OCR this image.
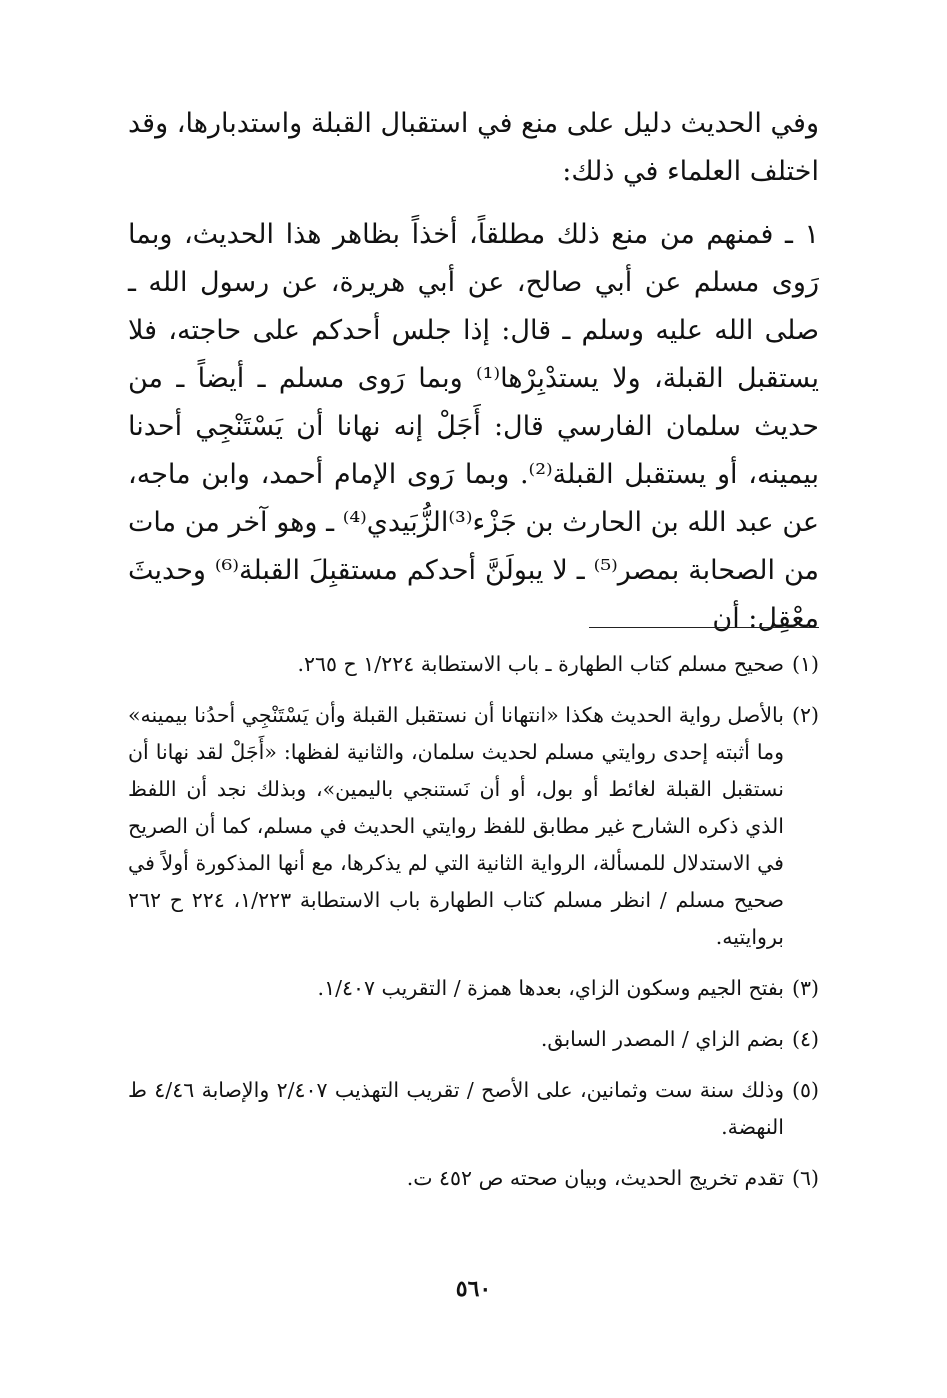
وفي الحديث دليل على منع في استقبال القبلة واستدبارها، وقد اختلف العلماء في ذلك:

١ ـ فمنهم من منع ذلك مطلقاً، أخذاً بظاهر هذا الحديث، وبما رَوى مسلم عن أبي صالح، عن أبي هريرة، عن رسول الله ـ صلى الله عليه وسلم ـ قال: إذا جلس أحدكم على حاجته، فلا يستقبل القبلة، ولا يستدْبِرْها⁽¹⁾ وبما رَوى مسلم ـ أيضاً ـ من حديث سلمان الفارسي قال: أَجَلْ إنه نهانا أن يَسْتَنْجِي أحدنا بيمينه، أو يستقبل القبلة⁽²⁾. وبما رَوى الإمام أحمد، وابن ماجه، عن عبد الله بن الحارث بن جَزْء⁽³⁾الزُّبَيدي⁽⁴⁾ ـ وهو آخر من مات من الصحابة بمصر⁽⁵⁾ ـ لا يبولَنَّ أحدكم مستقبِلَ القبلة⁽⁶⁾ وحديثَ معْقِل: أن

(١)
صحيح مسلم كتاب الطهارة ـ باب الاستطابة ١/٢٢٤ ح ٢٦٥.
(٢)
بالأصل رواية الحديث هكذا «انتهانا أن نستقبل القبلة وأن يَسْتَنْجِي أحدُنا بيمينه» وما أثبته إحدى روايتي مسلم لحديث سلمان، والثانية لفظها: «أَجَلْ لقد نهانا أن نستقبل القبلة لغائط أو بول، أو أن نَستنجي باليمين»، وبذلك نجد أن اللفظ الذي ذكره الشارح غير مطابق للفظ روايتي الحديث في مسلم، كما أن الصريح في الاستدلال للمسألة، الرواية الثانية التي لم يذكرها، مع أنها المذكورة أولاً في صحيح مسلم / انظر مسلم كتاب الطهارة باب الاستطابة ١/٢٢٣، ٢٢٤ ح ٢٦٢ بروايتيه.
(٣)
بفتح الجيم وسكون الزاي، بعدها همزة / التقريب ١/٤٠٧.
(٤)
بضم الزاي / المصدر السابق.
(٥)
وذلك سنة ست وثمانين، على الأصح / تقريب التهذيب ٢/٤٠٧ والإصابة ٤/٤٦ ط النهضة.
(٦)
تقدم تخريج الحديث، وبيان صحته ص ٤٥٢ ت.
٥٦٠
